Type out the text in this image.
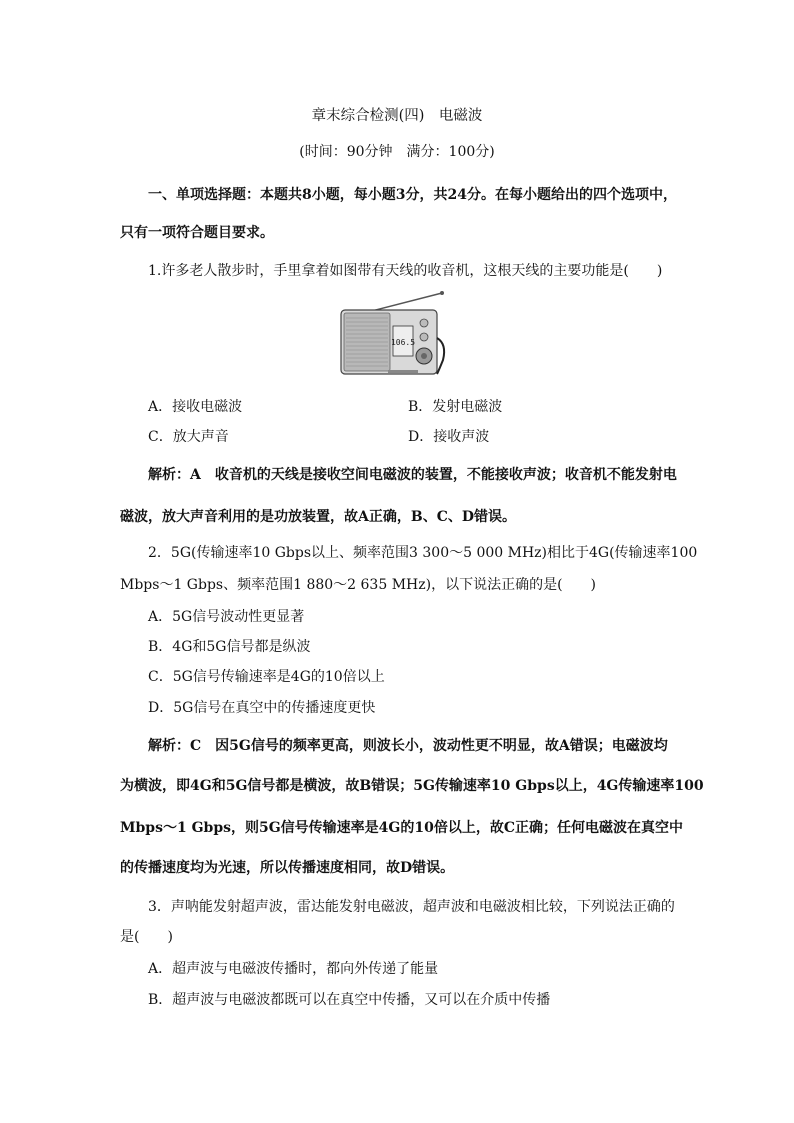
章末综合检测(四)　电磁波
(时间：90分钟　满分：100分)
一、单项选择题：本题共8小题，每小题3分，共24分。在每小题给出的四个选项中，
只有一项符合题目要求。
1.许多老人散步时，手里拿着如图带有天线的收音机，这根天线的主要功能是(　　)
106.5
A．接收电磁波	B．发射电磁波
C．放大声音	D．接收声波
解析：A　收音机的天线是接收空间电磁波的装置，不能接收声波；收音机不能发射电
磁波，放大声音利用的是功放装置，故A正确，B、C、D错误。
2．5G(传输速率10 Gbps以上、频率范围3 300～5 000 MHz)相比于4G(传输速率100
Mbps～1 Gbps、频率范围1 880～2 635 MHz)，以下说法正确的是(　　)
A．5G信号波动性更显著
B．4G和5G信号都是纵波
C．5G信号传输速率是4G的10倍以上
D．5G信号在真空中的传播速度更快
解析：C　因5G信号的频率更高，则波长小，波动性更不明显，故A错误；电磁波均
为横波，即4G和5G信号都是横波，故B错误；5G传输速率10 Gbps以上，4G传输速率100
Mbps～1 Gbps，则5G信号传输速率是4G的10倍以上，故C正确；任何电磁波在真空中
的传播速度均为光速，所以传播速度相同，故D错误。
3．声呐能发射超声波，雷达能发射电磁波，超声波和电磁波相比较，下列说法正确的
是(　　)
A．超声波与电磁波传播时，都向外传递了能量
B．超声波与电磁波都既可以在真空中传播，又可以在介质中传播
